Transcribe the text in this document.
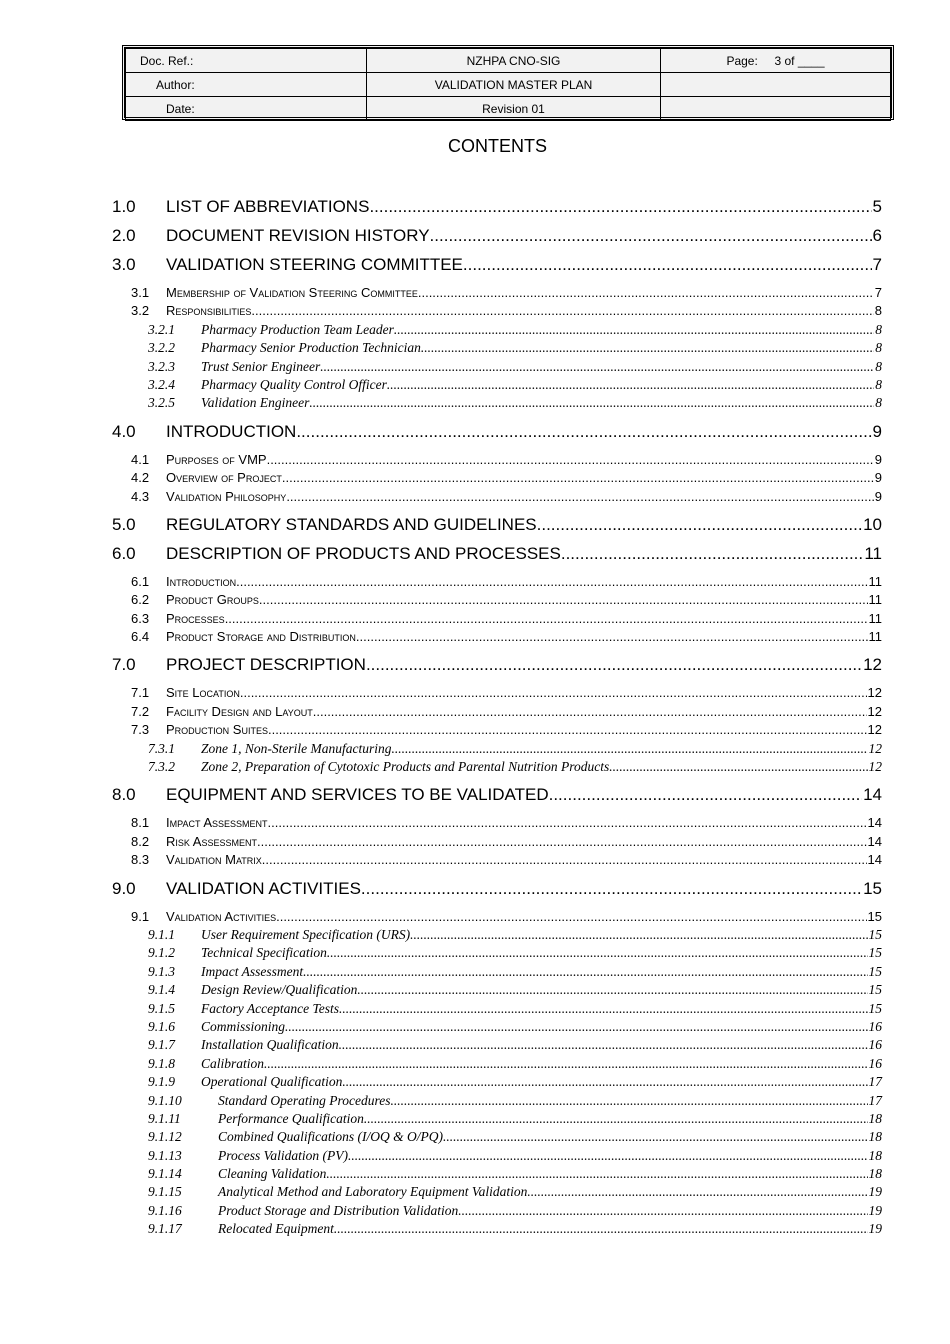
Doc. Ref.:	NZHPA CNO-SIG	Page: 3 of ____
Author:	VALIDATION MASTER PLAN	
Date:	Revision 01	
CONTENTS
1.0	LIST OF ABBREVIATIONS .....	5
2.0	DOCUMENT REVISION HISTORY .....	6
3.0	VALIDATION STEERING COMMITTEE .....	7
3.1	Membership of Validation Steering Committee .....	7
3.2	Responsibilities .....	8
3.2.1	Pharmacy Production Team Leader .....	8
3.2.2	Pharmacy Senior Production Technician .....	8
3.2.3	Trust Senior Engineer .....	8
3.2.4	Pharmacy Quality Control Officer .....	8
3.2.5	Validation Engineer .....	8
4.0	INTRODUCTION .....	9
4.1	Purposes of VMP .....	9
4.2	Overview of Project .....	9
4.3	Validation Philosophy .....	9
5.0	REGULATORY STANDARDS AND GUIDELINES .....	10
6.0	DESCRIPTION OF PRODUCTS AND PROCESSES .....	11
6.1	Introduction .....	11
6.2	Product Groups .....	11
6.3	Processes .....	11
6.4	Product Storage and Distribution .....	11
7.0	PROJECT DESCRIPTION .....	12
7.1	Site Location .....	12
7.2	Facility Design and Layout .....	12
7.3	Production Suites .....	12
7.3.1	Zone 1, Non-Sterile Manufacturing .....	12
7.3.2	Zone 2, Preparation of Cytotoxic Products and Parental Nutrition Products .....	12
8.0	EQUIPMENT AND SERVICES TO BE VALIDATED .....	14
8.1	Impact Assessment .....	14
8.2	Risk Assessment .....	14
8.3	Validation Matrix .....	14
9.0	VALIDATION ACTIVITIES .....	15
9.1	Validation Activities .....	15
9.1.1	User Requirement Specification (URS) .....	15
9.1.2	Technical Specification .....	15
9.1.3	Impact Assessment .....	15
9.1.4	Design Review/Qualification .....	15
9.1.5	Factory Acceptance Tests .....	15
9.1.6	Commissioning .....	16
9.1.7	Installation Qualification .....	16
9.1.8	Calibration .....	16
9.1.9	Operational Qualification .....	17
9.1.10	Standard Operating Procedures .....	17
9.1.11	Performance Qualification .....	18
9.1.12	Combined Qualifications (I/OQ & O/PQ) .....	18
9.1.13	Process Validation (PV) .....	18
9.1.14	Cleaning Validation .....	18
9.1.15	Analytical Method and Laboratory Equipment Validation .....	19
9.1.16	Product Storage and Distribution Validation .....	19
9.1.17	Relocated Equipment .....	19
